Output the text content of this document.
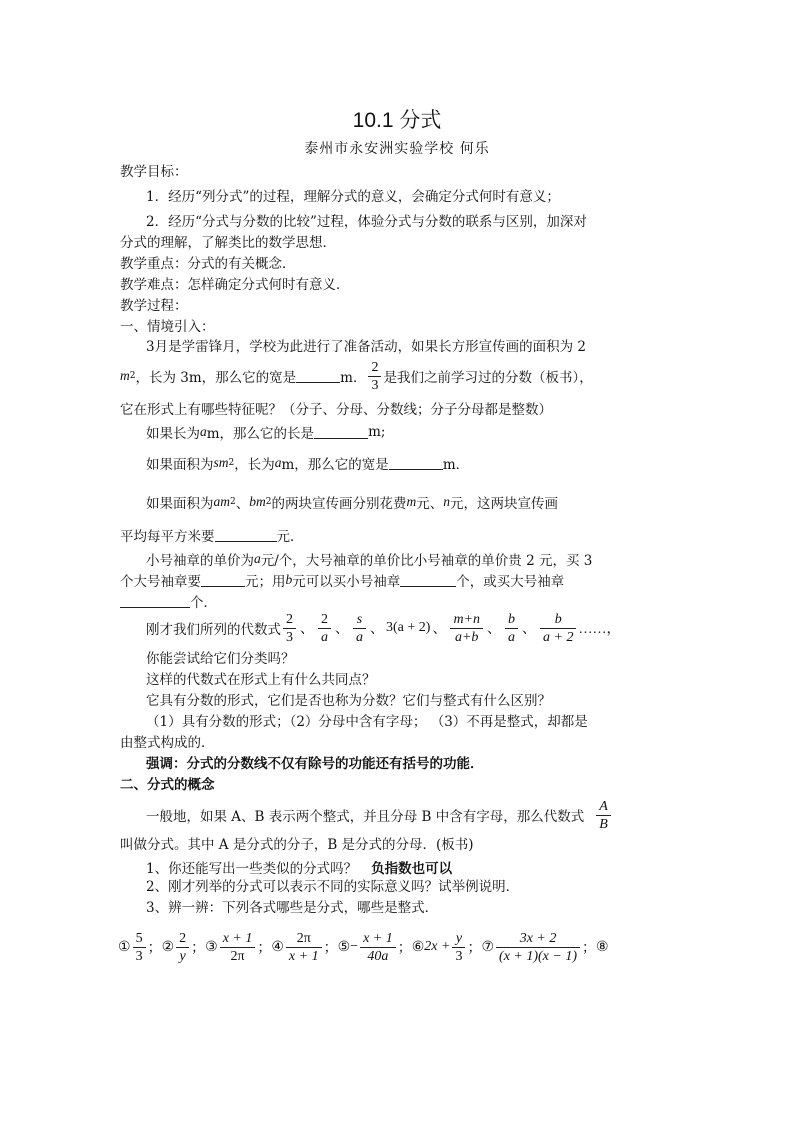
10.1 分式
泰州市永安洲实验学校 何乐
教学目标：
1．经历“列分式”的过程，理解分式的意义，会确定分式何时有意义；
2．经历“分式与分数的比较”过程，体验分式与分数的联系与区别，加深对
分式的理解，了解类比的数学思想．
教学重点：分式的有关概念．
教学难点：怎样确定分式何时有意义．
教学过程：
一、情境引入：
3月是学雷锋月，学校为此进行了准备活动，如果长方形宣传画的面积为 2
m 2 ，长为 3m，那么它的宽是	m． $\frac{2}{3}$ 是我们之前学习过的分数（板书），
它在形式上有哪些特征呢？（分子、分母、分数线；分子分母都是整数）
如果长为 a m，那么它的长是	m;
如果面积为 s m 2 ，长为 a m，那么它的宽是	m．
如果面积为 a m 2 、 b m 2 的两块宣传画分别花费 m 元、 n 元，这两块宣传画
平均每平方米要	元．
小号袖章的单价为 a 元/个，大号袖章的单价比小号袖章的单价贵 2 元，买 3
个大号袖章要	元；用 b 元可以买小号袖章	个，或买大号袖章
个．
刚才我们所列的代数式 $\frac{2}{3}$ 、 $\frac{2}{a}$ 、 $\frac{s}{a}$ 、 3(a + 2) 、 $\frac{m+n}{a+b}$ 、 $\frac{b}{a}$ 、 $\frac{b}{a + 2}$ ……，
你能尝试给它们分类吗？
这样的代数式在形式上有什么共同点？
它具有分数的形式，它们是否也称为分数？它们与整式有什么区别？
（1）具有分数的形式；（2）分母中含有字母； （3）不再是整式，却都是
由整式构成的．
强调：分式的分数线不仅有除号的功能还有括号的功能．
二、分式的概念
一般地，如果 A、B 表示两个整式，并且分母 B 中含有字母，那么代数式 $\frac{A}{B}$
叫做分式。其中 A 是分式的分子，B 是分式的分母．(板书)
1、你还能写出一些类似的分式吗？ 负指数也可以
2、刚才列举的分式可以表示不同的实际意义吗？试举例说明．
3、辨一辨：下列各式哪些是分式，哪些是整式．
① $\frac{5}{3}$ ； ② $\frac{2}{y}$ ； ③ $\frac{x + 1}{2\pi}$ ； ④ $\frac{2\pi}{x + 1}$ ； ⑤ − $\frac{x + 1}{40a}$ ； ⑥ $2x + \frac{y}{3}$ ； ⑦ $\frac{3x + 2}{(x + 1)(x - 1)}$ ； ⑧
